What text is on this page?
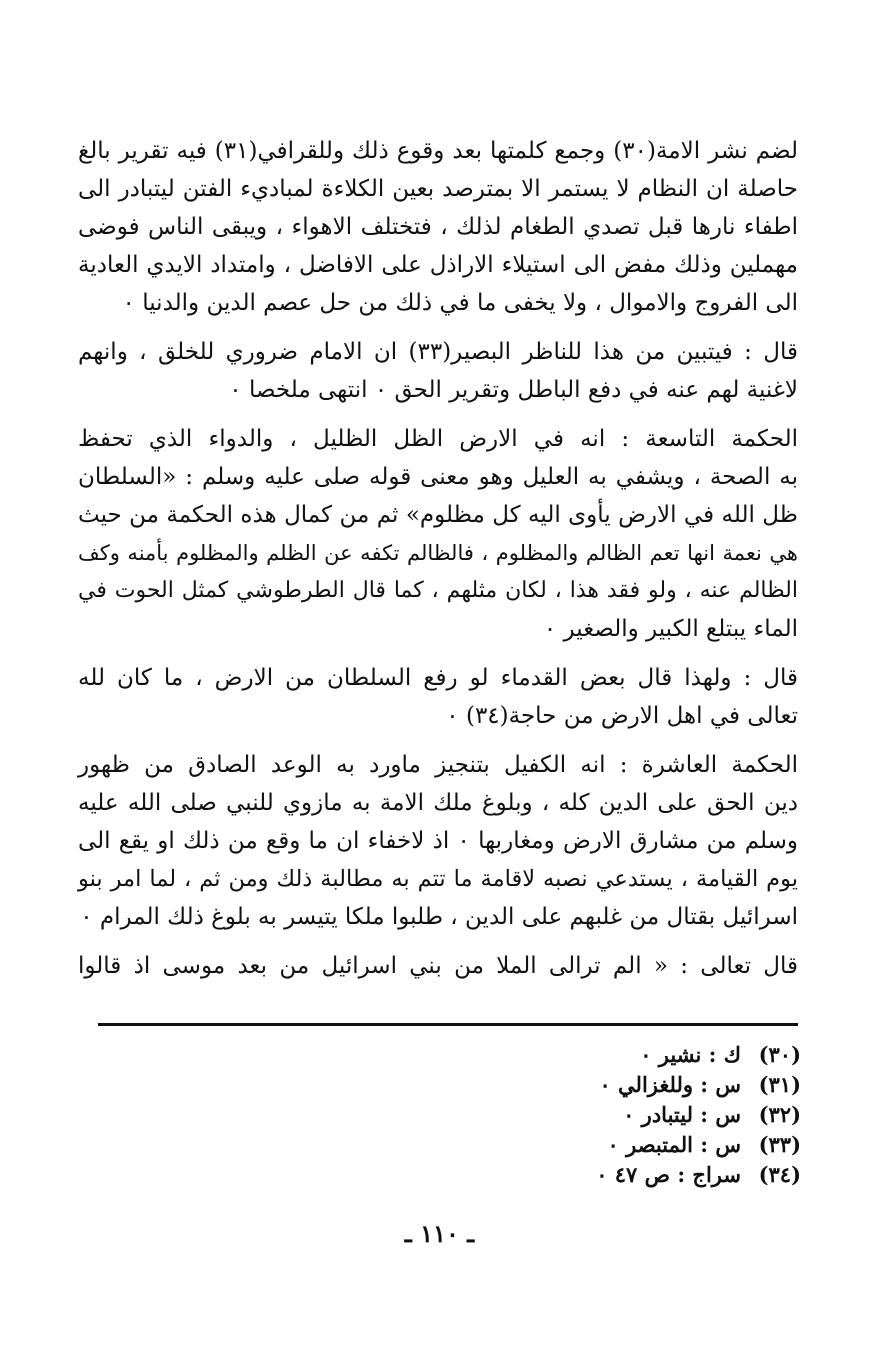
لضم نشر الامة(٣٠) وجمع كلمتها بعد وقوع ذلك وللقرافي(٣١) فيه تقرير بالغ
حاصلة ان النظام لا يستمر الا بمترصد بعين الكلاءة لمباديء الفتن ليتبادر الى
اطفاء نارها قبل تصدي الطغام لذلك ، فتختلف الاهواء ، ويبقى الناس فوضى
مهملين وذلك مفض الى استيلاء الاراذل على الافاضل ، وامتداد الايدي العادية
الى الفروج والاموال ، ولا يخفى ما في ذلك من حل عصم الدين والدنيا ٠
قال : فيتبين من هذا للناظر البصير(٣٣) ان الامام ضروري للخلق ، وانهم
لاغنية لهم عنه في دفع الباطل وتقرير الحق ٠ انتهى ملخصا ٠
الحكمة التاسعة : انه في الارض الظل الظليل ، والدواء الذي تحفظ
به الصحة ، ويشفي به العليل وهو معنى قوله صلى عليه وسلم : «السلطان
ظل الله في الارض يأوى اليه كل مظلوم» ثم من كمال هذه الحكمة من حيث
هي نعمة انها تعم الظالم والمظلوم ، فالظالم تكفه عن الظلم والمظلوم بأمنه وكف
الظالم عنه ، ولو فقد هذا ، لكان مثلهم ، كما قال الطرطوشي كمثل الحوت في
الماء يبتلع الكبير والصغير ٠
قال : ولهذا قال بعض القدماء لو رفع السلطان من الارض ، ما كان لله
تعالى في اهل الارض من حاجة(٣٤) ٠
الحكمة العاشرة : انه الكفيل بتنجيز ماورد به الوعد الصادق من ظهور
دين الحق على الدين كله ، وبلوغ ملك الامة به مازوي للنبي صلى الله عليه
وسلم من مشارق الارض ومغاربها ٠ اذ لاخفاء ان ما وقع من ذلك او يقع الى
يوم القيامة ، يستدعي نصبه لاقامة ما تتم به مطالبة ذلك ومن ثم ، لما امر بنو
اسرائيل بقتال من غلبهم على الدين ، طلبوا ملكا يتيسر به بلوغ ذلك المرام ٠
قال تعالى : « الم ترالى الملا من بني اسرائيل من بعد موسى اذ قالوا
(٣٠)
ك : نشير ٠
(٣١)
س : وللغزالي ٠
(٣٢)
س : ليتبادر ٠
(٣٣)
س : المتبصر ٠
(٣٤)
سراج : ص ٤٧ ٠
ـ ١١٠ ـ
